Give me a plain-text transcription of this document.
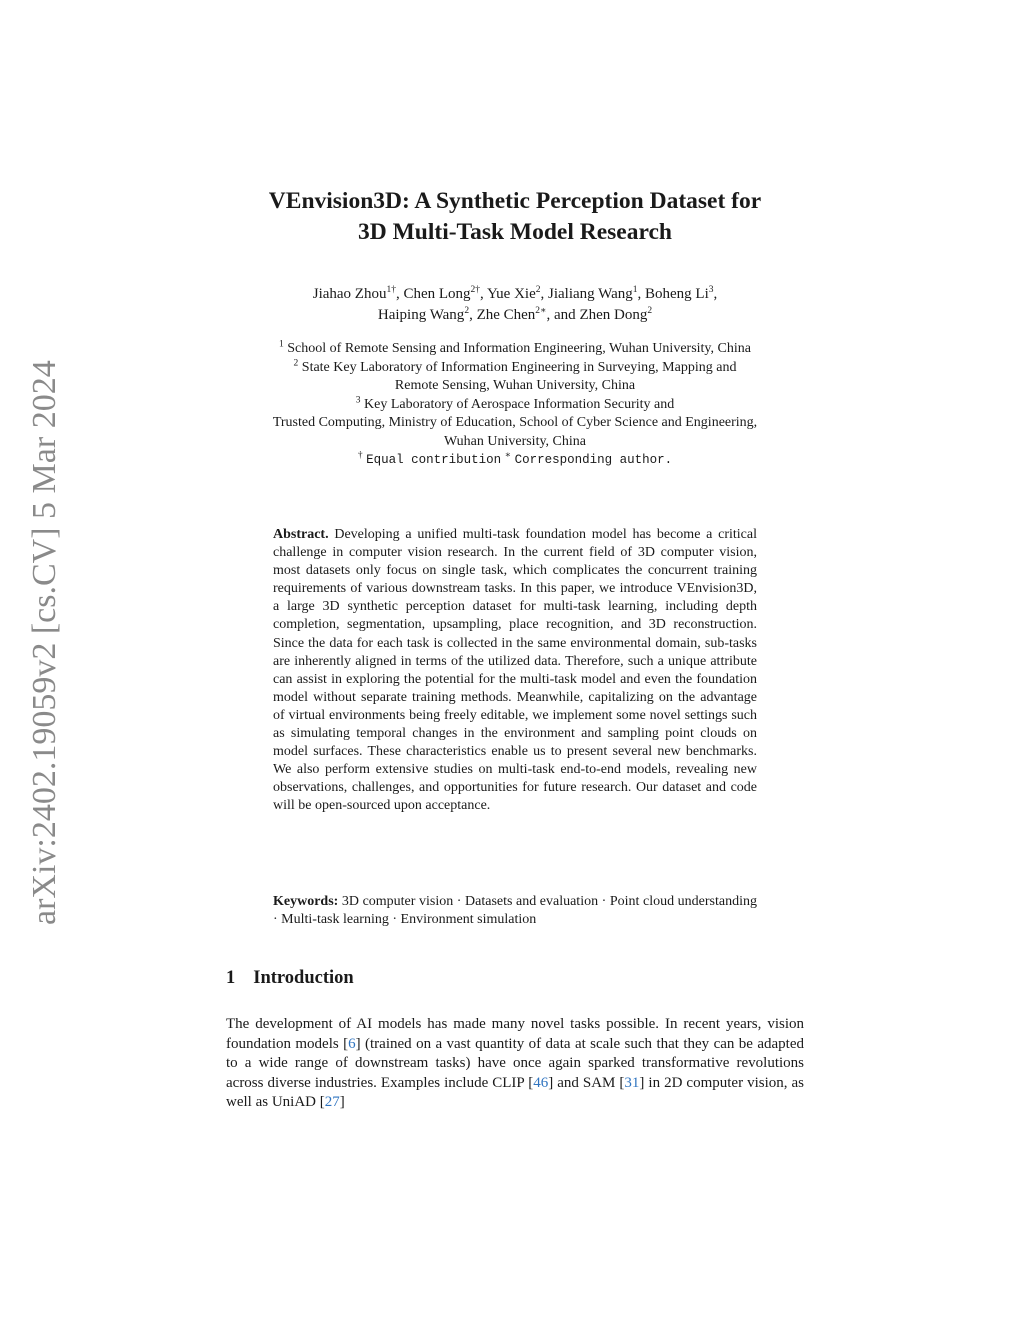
arXiv:2402.19059v2 [cs.CV] 5 Mar 2024
VEnvision3D: A Synthetic Perception Dataset for
3D Multi-Task Model Research
Jiahao Zhou$^{1\dagger}$, Chen Long$^{2\dagger}$, Yue Xie$^2$, Jialiang Wang$^1$, Boheng Li$^3$,
Haiping Wang$^2$, Zhe Chen$^{2∗}$, and Zhen Dong$^2$
$^1$ School of Remote Sensing and Information Engineering, Wuhan University, China
$^2$ State Key Laboratory of Information Engineering in Surveying, Mapping and
Remote Sensing, Wuhan University, China
$^3$ Key Laboratory of Aerospace Information Security and
Trusted Computing, Ministry of Education, School of Cyber Science and Engineering,
Wuhan University, China
† Equal contribution ∗ Corresponding author.

Abstract. Developing a unified multi-task foundation model has become a critical challenge in computer vision research. In the current field of 3D computer vision, most datasets only focus on single task, which complicates the concurrent training requirements of various downstream tasks. In this paper, we introduce VEnvision3D, a large 3D synthetic perception dataset for multi-task learning, including depth completion, segmentation, upsampling, place recognition, and 3D reconstruction. Since the data for each task is collected in the same environmental domain, sub-tasks are inherently aligned in terms of the utilized data. Therefore, such a unique attribute can assist in exploring the potential for the multi-task model and even the foundation model without separate training methods. Meanwhile, capitalizing on the advantage of virtual environments being freely editable, we implement some novel settings such as simulating temporal changes in the environment and sampling point clouds on model surfaces. These characteristics enable us to present several new benchmarks. We also perform extensive studies on multi-task end-to-end models, revealing new observations, challenges, and opportunities for future research. Our dataset and code will be open-sourced upon acceptance.

Keywords: 3D computer vision · Datasets and evaluation · Point cloud understanding · Multi-task learning · Environment simulation

1 Introduction

The development of AI models has made many novel tasks possible. In recent years, vision foundation models [6] (trained on a vast quantity of data at scale such that they can be adapted to a wide range of downstream tasks) have once again sparked transformative revolutions across diverse industries. Examples include CLIP [46] and SAM [31] in 2D computer vision, as well as UniAD [27]
